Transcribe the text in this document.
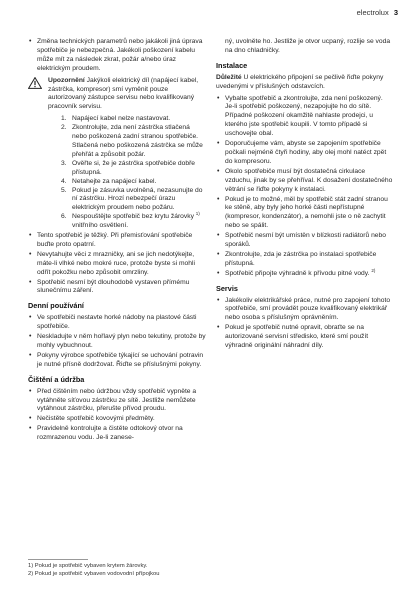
electrolux 3
• Změna technických parametrů nebo jakákoli jiná úprava spotřebiče je nebezpečná. Jakékoli poškození kabelu může mít za následek zkrat, požár a/nebo úraz elektrickým proudem.
Upozornění Jakýkoli elektrický díl (napájecí kabel, zástrčka, kompresor) smí vyměnit pouze autorizovaný zástupce servisu nebo kvalifikovaný pracovník servisu.
1. Napájecí kabel nelze nastavovat.
2. Zkontrolujte, zda není zástrčka stlačená nebo poškozená zadní stranou spotřebiče. Stlačená nebo poškozená zástrčka se může přehřát a způsobit požár.
3. Ověřte si, že je zástrčka spotřebiče dobře přístupná.
4. Netahejte za napájecí kabel.
5. Pokud je zásuvka uvolněná, nezasunujte do ní zástrčku. Hrozí nebezpečí úrazu elektrickým proudem nebo požáru.
6. Nespouštějte spotřebič bez krytu žárovky $^{1)}$ vnitřního osvětlení.
• Tento spotřebič je těžký. Při přemisťování spotřebiče buďte proto opatrní.
• Nevytahujte věci z mrazničky, ani se jich nedotýkejte, máte-li vlhké nebo mokré ruce, protože byste si mohli odřít pokožku nebo způsobit omrzliny.
• Spotřebič nesmí být dlouhodobě vystaven přímému slunečnímu záření.
Denní používání
• Ve spotřebiči nestavte horké nádoby na plastové části spotřebiče.
• Neskladujte v něm hořlavý plyn nebo tekutiny, protože by mohly vybuchnout.
• Pokyny výrobce spotřebiče týkající se uchování potravin je nutné přísně dodržovat. Řiďte se příslušnými pokyny.
Čištění a údržba
• Před čištěním nebo údržbou vždy spotřebič vypněte a vytáhněte síťovou zástrčku ze sítě. Jestliže nemůžete vytáhnout zástrčku, přerušte přívod proudu.
• Nečistěte spotřebič kovovými předměty.
• Pravidelně kontrolujte a čistěte odtokový otvor na rozmrazenou vodu. Je-li zanese-
ný, uvolněte ho. Jestliže je otvor ucpaný, rozlije se voda na dno chladničky.
Instalace
Důležité U elektrického připojení se pečlivě řiďte pokyny uvedenými v příslušných odstavcích.
• Vybalte spotřebič a zkontrolujte, zda není poškozený. Je-li spotřebič poškozený, nezapojujte ho do sítě. Případné poškození okamžitě nahlaste prodejci, u kterého jste spotřebič koupili. V tomto případě si uschovejte obal.
• Doporučujeme vám, abyste se zapojením spotřebiče počkali nejméně čtyři hodiny, aby olej mohl natéct zpět do kompresoru.
• Okolo spotřebiče musí být dostatečná cirkulace vzduchu, jinak by se přehříval. K dosažení dostatečného větrání se řiďte pokyny k instalaci.
• Pokud je to možné, měl by spotřebič stát zadní stranou ke stěně, aby byly jeho horké části nepřístupné (kompresor, kondenzátor), a nemohli jste o ně zachytit nebo se spálit.
• Spotřebič nesmí být umístěn v blízkosti radiátorů nebo sporáků.
• Zkontrolujte, zda je zástrčka po instalaci spotřebiče přístupná.
• Spotřebič připojte výhradně k přívodu pitné vody. $^{2)}$
Servis
• Jakékoliv elektrikářské práce, nutné pro zapojení tohoto spotřebiče, smí provádět pouze kvalifikovaný elektrikář nebo osoba s příslušným oprávněním.
• Pokud je spotřebič nutné opravit, obraťte se na autorizované servisní středisko, které smí použít výhradně originální náhradní díly.
1) Pokud je spotřebič vybaven krytem žárovky.
2) Pokud je spotřebič vybaven vodovodní přípojkou
